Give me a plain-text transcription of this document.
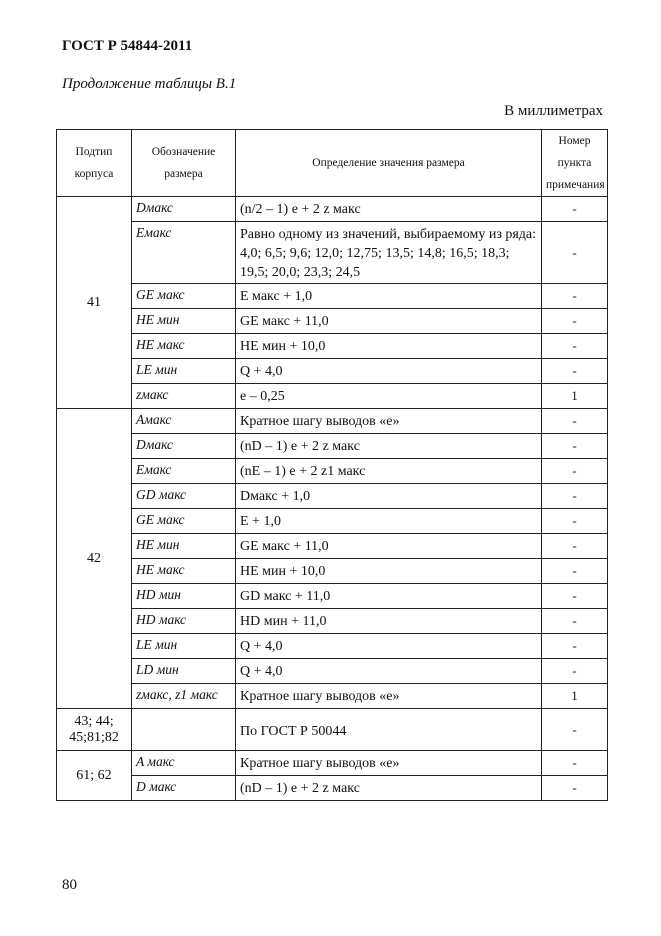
ГОСТ Р 54844-2011
Продолжение таблицы В.1
В миллиметрах
Подтип корпуса	Обозначение размера	Определение значения размера	Номер пункта примечания
41	Dмакс	(n/2 – 1) e + 2 z макс	-
	Eмакс	Равно одному из значений, выбираемому из ряда: 4,0; 6,5; 9,6; 12,0; 12,75; 13,5; 14,8; 16,5; 18,3; 19,5; 20,0; 23,3; 24,5	-
	GE макс	E макс + 1,0	-
	HE мин	GE макс + 11,0	-
	HE макс	HE мин + 10,0	-
	LE мин	Q + 4,0	-
	zмакс	e – 0,25	1
42	Aмакс	Кратное шагу выводов «e»	-
	Dмакс	(nD – 1) e + 2 z макс	-
	Eмакс	(nE – 1) e + 2 z1 макс	-
	GD макс	Dмакс + 1,0	-
	GE макс	E + 1,0	-
	HE мин	GE макс + 11,0	-
	HE макс	HE мин + 10,0	-
	HD мин	GD макс + 11,0	-
	HD макс	HD мин + 11,0	-
	LE мин	Q + 4,0	-
	LD мин	Q + 4,0	-
	zмакс, z1 макс	Кратное шагу выводов «e»	1
43; 44; 45;81;82		По ГОСТ Р 50044	-
61; 62	A макс	Кратное шагу выводов «e»	-
	D макс	(nD – 1) e + 2 z макс	-
80
